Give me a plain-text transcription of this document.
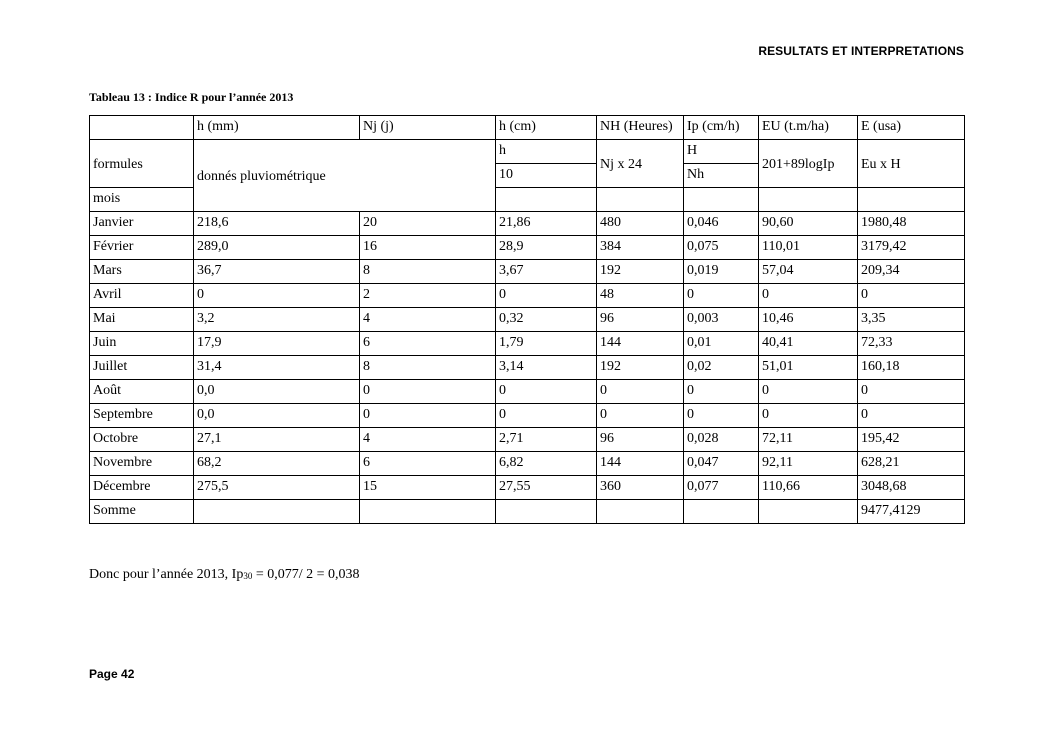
RESULTATS ET INTERPRETATIONS
Tableau 13 : Indice R pour l’année 2013
	h (mm)	Nj (j)	h (cm)	NH (Heures)	Ip (cm/h)	EU (t.m/ha)	E (usa)
formules	donnés pluviométrique		h	Nj x 24	H	201+89logIp	Eu x H
			10		Nh		
mois							
Janvier	218,6	20	21,86	480	0,046	90,60	1980,48
Février	289,0	16	28,9	384	0,075	110,01	3179,42
Mars	36,7	8	3,67	192	0,019	57,04	209,34
Avril	0	2	0	48	0	0	0
Mai	3,2	4	0,32	96	0,003	10,46	3,35
Juin	17,9	6	1,79	144	0,01	40,41	72,33
Juillet	31,4	8	3,14	192	0,02	51,01	160,18
Août	0,0	0	0	0	0	0	0
Septembre	0,0	0	0	0	0	0	0
Octobre	27,1	4	2,71	96	0,028	72,11	195,42
Novembre	68,2	6	6,82	144	0,047	92,11	628,21
Décembre	275,5	15	27,55	360	0,077	110,66	3048,68
Somme							9477,4129
Donc pour l’année 2013, $Ip_{30} = 0,077/$ 2 = 0,038
Page 42
